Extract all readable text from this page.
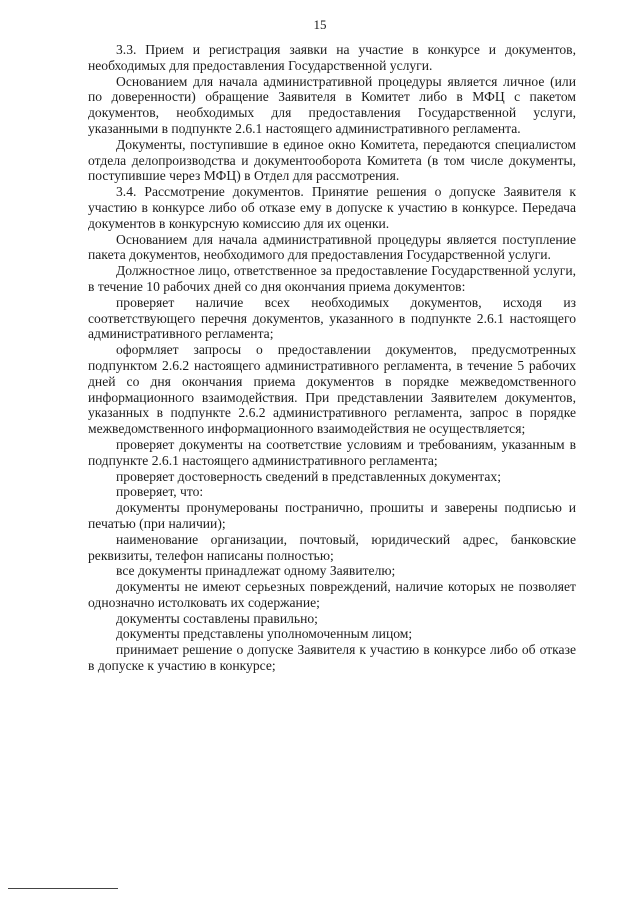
15

3.3. Прием и регистрация заявки на участие в конкурсе и документов, необходимых для предоставления Государственной услуги.

Основанием для начала административной процедуры является личное (или по доверенности) обращение Заявителя в Комитет либо в МФЦ с пакетом документов, необходимых для предоставления Государственной услуги, указанными в подпункте 2.6.1 настоящего административного регламента.

Документы, поступившие в единое окно Комитета, передаются специалистом отдела делопроизводства и документооборота Комитета (в том числе документы, поступившие через МФЦ) в Отдел для рассмотрения.

3.4. Рассмотрение документов. Принятие решения о допуске Заявителя к участию в конкурсе либо об отказе ему в допуске к участию в конкурсе. Передача документов в конкурсную комиссию для их оценки.

Основанием для начала административной процедуры является поступление пакета документов, необходимого для предоставления Государственной услуги.

Должностное лицо, ответственное за предоставление Государственной услуги, в течение 10 рабочих дней со дня окончания приема документов:

проверяет наличие всех необходимых документов, исходя из соответствующего перечня документов, указанного в подпункте 2.6.1 настоящего административного регламента;

оформляет запросы о предоставлении документов, предусмотренных подпунктом 2.6.2 настоящего административного регламента, в течение 5 рабочих дней со дня окончания приема документов в порядке межведомственного информационного взаимодействия. При представлении Заявителем документов, указанных в подпункте 2.6.2 административного регламента, запрос в порядке межведомственного информационного взаимодействия не осуществляется;

проверяет документы на соответствие условиям и требованиям, указанным в подпункте 2.6.1 настоящего административного регламента;

проверяет достоверность сведений в представленных документах;

проверяет, что:

документы пронумерованы постранично, прошиты и заверены подписью и печатью (при наличии);

наименование организации, почтовый, юридический адрес, банковские реквизиты, телефон написаны полностью;

все документы принадлежат одному Заявителю;

документы не имеют серьезных повреждений, наличие которых не позволяет однозначно истолковать их содержание;

документы составлены правильно;

документы представлены уполномоченным лицом;

принимает решение о допуске Заявителя к участию в конкурсе либо об отказе в допуске к участию в конкурсе;
